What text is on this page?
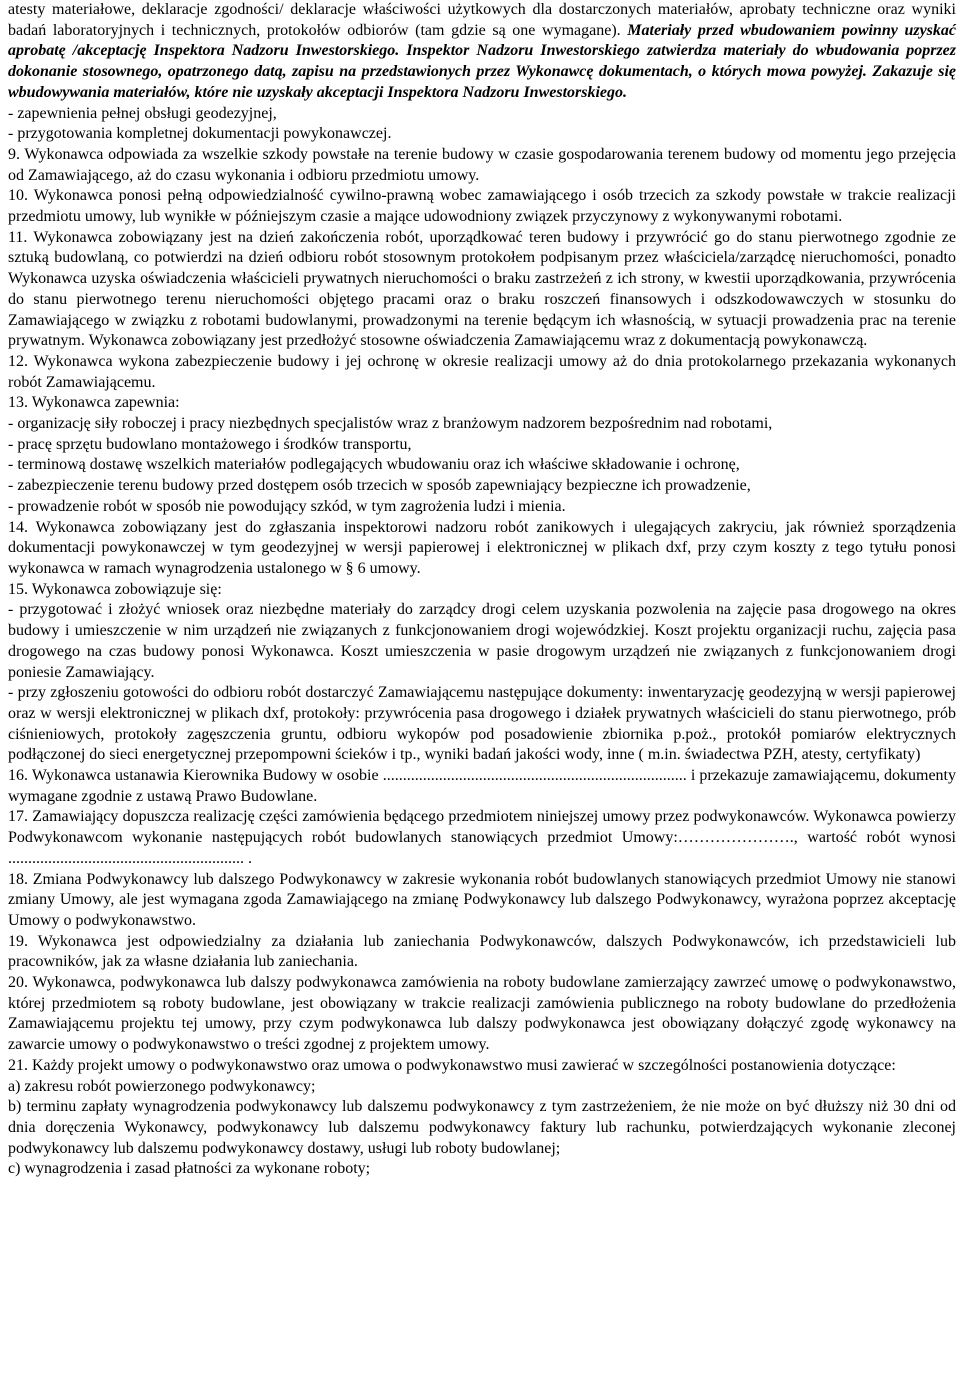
atesty materiałowe, deklaracje zgodności/ deklaracje właściwości użytkowych dla dostarczonych materiałów, aprobaty techniczne oraz wyniki badań laboratoryjnych i technicznych, protokołów odbiorów (tam gdzie są one wymagane). Materiały przed wbudowaniem powinny uzyskać aprobatę /akceptację Inspektora Nadzoru Inwestorskiego. Inspektor Nadzoru Inwestorskiego zatwierdza materiały do wbudowania poprzez dokonanie stosownego, opatrzonego datą, zapisu na przedstawionych przez Wykonawcę dokumentach, o których mowa powyżej. Zakazuje się wbudowywania materiałów, które nie uzyskały akceptacji Inspektora Nadzoru Inwestorskiego.

- zapewnienia pełnej obsługi geodezyjnej,

- przygotowania kompletnej dokumentacji powykonawczej.

9. Wykonawca odpowiada za wszelkie szkody powstałe na terenie budowy w czasie gospodarowania terenem budowy od momentu jego przejęcia od Zamawiającego, aż do czasu wykonania i odbioru przedmiotu umowy.

10. Wykonawca ponosi pełną odpowiedzialność cywilno-prawną wobec zamawiającego i osób trzecich za szkody powstałe w trakcie realizacji przedmiotu umowy, lub wynikłe w późniejszym czasie a mające udowodniony związek przyczynowy z wykonywanymi robotami.

11. Wykonawca zobowiązany jest na dzień zakończenia robót, uporządkować teren budowy i przywrócić go do stanu pierwotnego zgodnie ze sztuką budowlaną, co potwierdzi na dzień odbioru robót stosownym protokołem podpisanym przez właściciela/zarządcę nieruchomości, ponadto Wykonawca uzyska oświadczenia właścicieli prywatnych nieruchomości o braku zastrzeżeń z ich strony, w kwestii uporządkowania, przywrócenia do stanu pierwotnego terenu nieruchomości objętego pracami oraz o braku roszczeń finansowych i odszkodowawczych w stosunku do Zamawiającego w związku z robotami budowlanymi, prowadzonymi na terenie będącym ich własnością, w sytuacji prowadzenia prac na terenie prywatnym. Wykonawca zobowiązany jest przedłożyć stosowne oświadczenia Zamawiającemu wraz z dokumentacją powykonawczą.

12. Wykonawca wykona zabezpieczenie budowy i jej ochronę w okresie realizacji umowy aż do dnia protokolarnego przekazania wykonanych robót Zamawiającemu.

13. Wykonawca zapewnia:

- organizację siły roboczej i pracy niezbędnych specjalistów wraz z branżowym nadzorem bezpośrednim nad robotami,

- pracę sprzętu budowlano montażowego i środków transportu,

- terminową dostawę wszelkich materiałów podlegających wbudowaniu oraz ich właściwe składowanie i ochronę,

- zabezpieczenie terenu budowy przed dostępem osób trzecich w sposób zapewniający bezpieczne ich prowadzenie,

- prowadzenie robót w sposób nie powodujący szkód, w tym zagrożenia ludzi i mienia.

14. Wykonawca zobowiązany jest do zgłaszania inspektorowi nadzoru robót zanikowych i ulegających zakryciu, jak również sporządzenia dokumentacji powykonawczej w tym geodezyjnej w wersji papierowej i elektronicznej w plikach dxf, przy czym koszty z tego tytułu ponosi wykonawca w ramach wynagrodzenia ustalonego w § 6 umowy.

15. Wykonawca zobowiązuje się:

- przygotować i złożyć wniosek oraz niezbędne materiały do zarządcy drogi celem uzyskania pozwolenia na zajęcie pasa drogowego na okres budowy i umieszczenie w nim urządzeń nie związanych z funkcjonowaniem drogi wojewódzkiej. Koszt projektu organizacji ruchu, zajęcia pasa drogowego na czas budowy ponosi Wykonawca. Koszt umieszczenia w pasie drogowym urządzeń nie związanych z funkcjonowaniem drogi poniesie Zamawiający.

- przy zgłoszeniu gotowości do odbioru robót dostarczyć Zamawiającemu następujące dokumenty: inwentaryzację geodezyjną w wersji papierowej oraz w wersji elektronicznej w plikach dxf, protokoły: przywrócenia pasa drogowego i działek prywatnych właścicieli do stanu pierwotnego, prób ciśnieniowych, protokoły zagęszczenia gruntu, odbioru wykopów pod posadowienie zbiornika p.poż., protokół pomiarów elektrycznych podłączonej do sieci energetycznej przepompowni ścieków i tp., wyniki badań jakości wody, inne ( m.in. świadectwa PZH, atesty, certyfikaty)

16. Wykonawca ustanawia Kierownika Budowy w osobie ............................................................................ i przekazuje zamawiającemu, dokumenty wymagane zgodnie z ustawą Prawo Budowlane.

17. Zamawiający dopuszcza realizację części zamówienia będącego przedmiotem niniejszej umowy przez podwykonawców. Wykonawca powierzy Podwykonawcom wykonanie następujących robót budowlanych stanowiących przedmiot Umowy:…………………., wartość robót wynosi ........................................................... .

18. Zmiana Podwykonawcy lub dalszego Podwykonawcy w zakresie wykonania robót budowlanych stanowiących przedmiot Umowy nie stanowi zmiany Umowy, ale jest wymagana zgoda Zamawiającego na zmianę Podwykonawcy lub dalszego Podwykonawcy, wyrażona poprzez akceptację Umowy o podwykonawstwo.

19. Wykonawca jest odpowiedzialny za działania lub zaniechania Podwykonawców, dalszych Podwykonawców, ich przedstawicieli lub pracowników, jak za własne działania lub zaniechania.

20. Wykonawca, podwykonawca lub dalszy podwykonawca zamówienia na roboty budowlane zamierzający zawrzeć umowę o podwykonawstwo, której przedmiotem są roboty budowlane, jest obowiązany w trakcie realizacji zamówienia publicznego na roboty budowlane do przedłożenia Zamawiającemu projektu tej umowy, przy czym podwykonawca lub dalszy podwykonawca jest obowiązany dołączyć zgodę wykonawcy na zawarcie umowy o podwykonawstwo o treści zgodnej z projektem umowy.

21. Każdy projekt umowy o podwykonawstwo oraz umowa o podwykonawstwo musi zawierać w szczególności postanowienia dotyczące:

a) zakresu robót powierzonego podwykonawcy;

b) terminu zapłaty wynagrodzenia podwykonawcy lub dalszemu podwykonawcy z tym zastrzeżeniem, że nie może on być dłuższy niż 30 dni od dnia doręczenia Wykonawcy, podwykonawcy lub dalszemu podwykonawcy faktury lub rachunku, potwierdzających wykonanie zleconej podwykonawcy lub dalszemu podwykonawcy dostawy, usługi lub roboty budowlanej;

c) wynagrodzenia i zasad płatności za wykonane roboty;
